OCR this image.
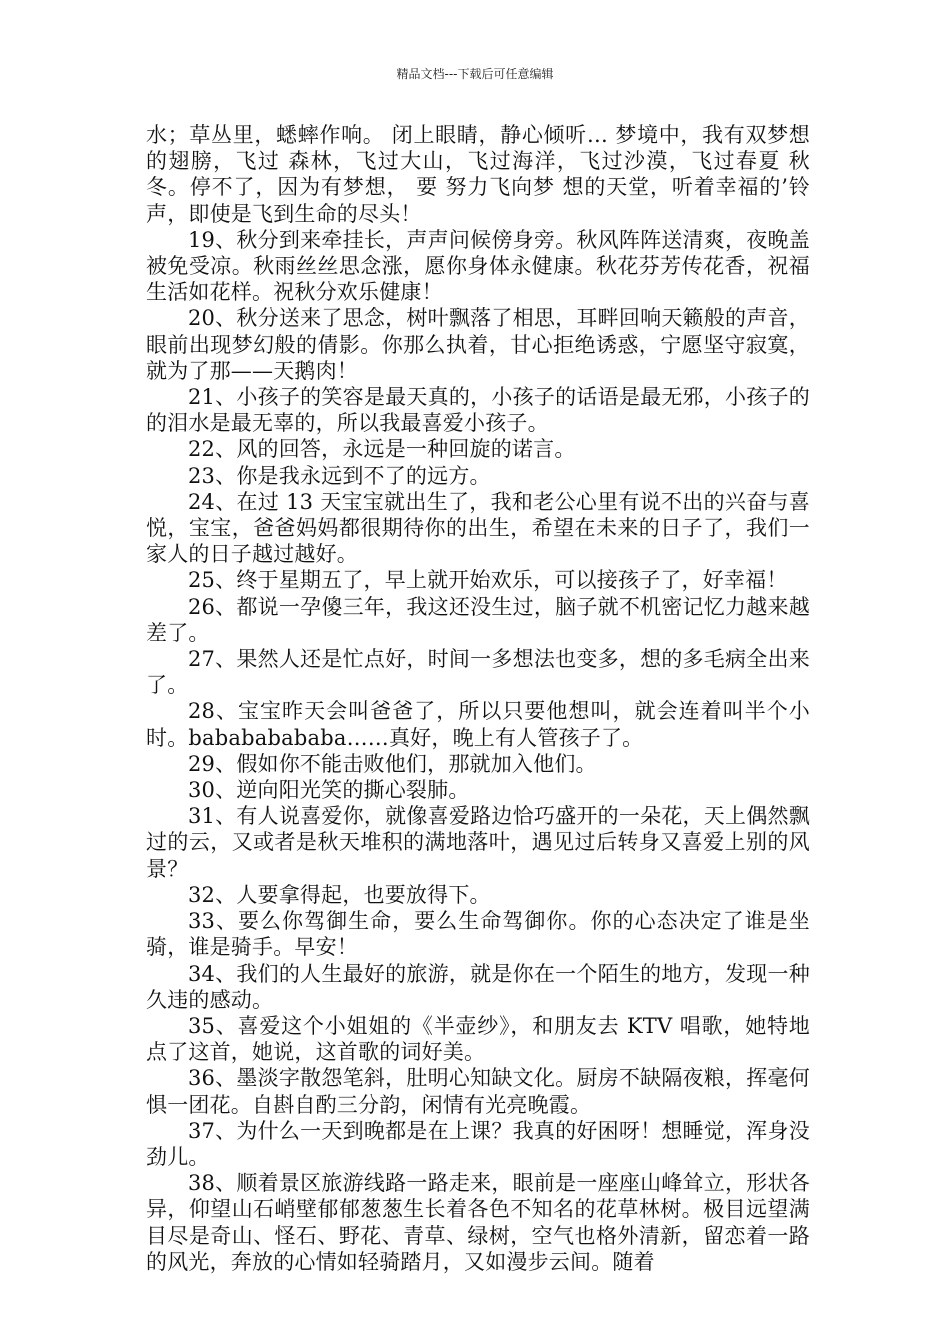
精品文档---下载后可任意编辑

水；草丛里，蟋蟀作响。 闭上眼睛，静心倾听… 梦境中，我有双梦想的翅膀，飞过 森林，飞过大山，飞过海洋，飞过沙漠，飞过春夏 秋冬。停不了，因为有梦想， 要 努力飞向梦 想的天堂，听着幸福的’铃声，即使是飞到生命的尽头！

19、秋分到来牵挂长，声声问候傍身旁。秋风阵阵送清爽，夜晚盖被免受凉。秋雨丝丝思念涨，愿你身体永健康。秋花芬芳传花香，祝福生活如花样。祝秋分欢乐健康！

20、秋分送来了思念，树叶飘落了相思，耳畔回响天籁般的声音，眼前出现梦幻般的倩影。你那么执着，甘心拒绝诱惑，宁愿坚守寂寞，就为了那——天鹅肉！

21、小孩子的笑容是最天真的，小孩子的话语是最无邪，小孩子的的泪水是最无辜的，所以我最喜爱小孩子。

22、风的回答，永远是一种回旋的诺言。

23、你是我永远到不了的远方。

24、在过 13 天宝宝就出生了，我和老公心里有说不出的兴奋与喜悦，宝宝，爸爸妈妈都很期待你的出生，希望在未来的日子了，我们一家人的日子越过越好。

25、终于星期五了，早上就开始欢乐，可以接孩子了，好幸福！

26、都说一孕傻三年，我这还没生过，脑子就不机密记忆力越来越差了。

27、果然人还是忙点好，时间一多想法也变多，想的多毛病全出来了。

28、宝宝昨天会叫爸爸了，所以只要他想叫，就会连着叫半个小时。babababababa……真好，晚上有人管孩子了。

29、假如你不能击败他们，那就加入他们。

30、逆向阳光笑的撕心裂肺。

31、有人说喜爱你，就像喜爱路边恰巧盛开的一朵花，天上偶然飘过的云，又或者是秋天堆积的满地落叶，遇见过后转身又喜爱上别的风景？

32、人要拿得起，也要放得下。

33、要么你驾御生命，要么生命驾御你。你的心态决定了谁是坐骑，谁是骑手。早安！

34、我们的人生最好的旅游，就是你在一个陌生的地方，发现一种久违的感动。

35、喜爱这个小姐姐的《半壶纱》，和朋友去 KTV 唱歌，她特地点了这首，她说，这首歌的词好美。

36、墨淡字散怨笔斜，肚明心知缺文化。厨房不缺隔夜粮，挥毫何惧一团花。自斟自酌三分韵，闲情有光亮晚霞。

37、为什么一天到晚都是在上课？我真的好困呀！想睡觉，浑身没劲儿。

38、顺着景区旅游线路一路走来，眼前是一座座山峰耸立，形状各异，仰望山石峭壁郁郁葱葱生长着各色不知名的花草林树。极目远望满目尽是奇山、怪石、野花、青草、绿树，空气也格外清新，留恋着一路的风光，奔放的心情如轻骑踏月，又如漫步云间。随着
